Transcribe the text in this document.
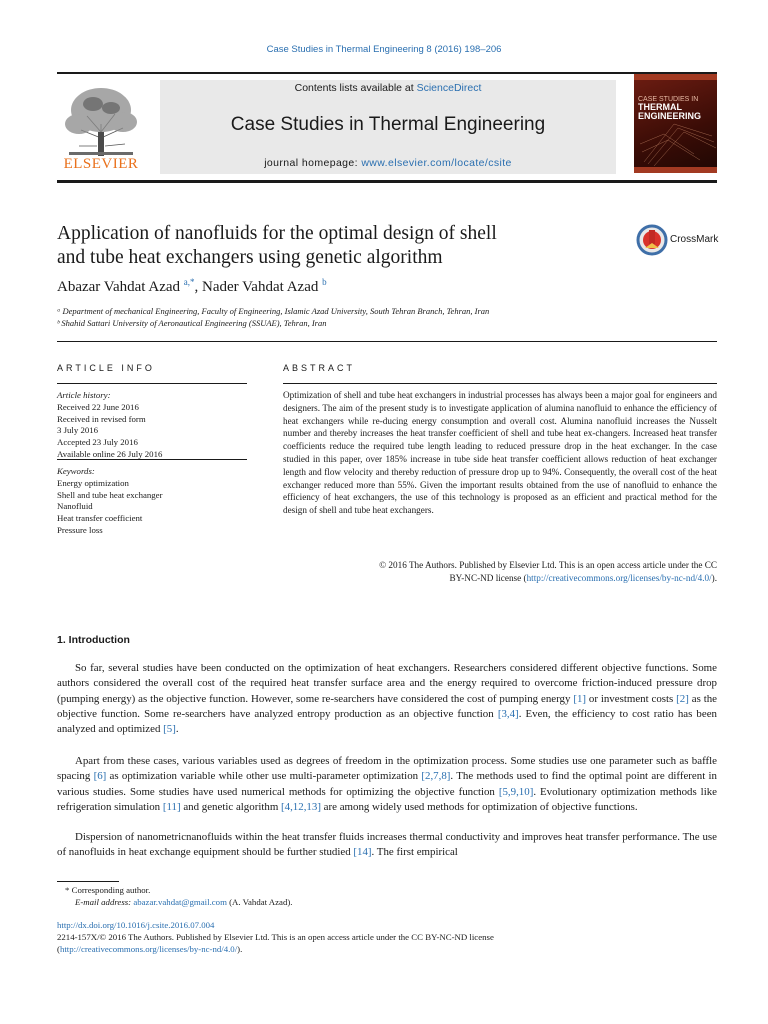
Case Studies in Thermal Engineering 8 (2016) 198–206
ELSEVIER
Contents lists available at ScienceDirect
Case Studies in Thermal Engineering
journal homepage: www.elsevier.com/locate/csite
CASE STUDIES IN
THERMAL
ENGINEERING
Application of nanofluids for the optimal design of shell
and tube heat exchangers using genetic algorithm
CrossMark
Abazar Vahdat Azad $^{a,*}$, Nader Vahdat Azad $^b$
ᵃ Department of mechanical Engineering, Faculty of Engineering, Islamic Azad University, South Tehran Branch, Tehran, Iran
ᵇ Shahid Sattari University of Aeronautical Engineering (SSUAE), Tehran, Iran
ARTICLE INFO
Article history:
Received 22 June 2016
Received in revised form
3 July 2016
Accepted 23 July 2016
Available online 26 July 2016
Keywords:
Energy optimization
Shell and tube heat exchanger
Nanofluid
Heat transfer coefficient
Pressure loss
ABSTRACT
Optimization of shell and tube heat exchangers in industrial processes has always been a major goal for engineers and designers. The aim of the present study is to investigate application of alumina nanofluid to enhance the efficiency of heat exchangers while re-ducing energy consumption and overall cost. Alumina nanofluid increases the Nusselt number and thereby increases the heat transfer coefficient of shell and tube heat ex-changers. Increased heat transfer coefficients reduce the required tube length leading to reduced pressure drop in the heat exchanger. In the case studied in this paper, over 185% increase in tube side heat transfer coefficient allows reduction of heat exchanger length and flow velocity and thereby reduction of pressure drop up to 94%. Consequently, the overall cost of the heat exchanger reduced more than 55%. Given the important results obtained from the use of nanofluid to enhance the efficiency of heat exchangers, the use of this technology is proposed as an efficient and practical method for the design of shell and tube heat exchangers.
© 2016 The Authors. Published by Elsevier Ltd. This is an open access article under the CC
BY-NC-ND license (http://creativecommons.org/licenses/by-nc-nd/4.0/).
1. Introduction
So far, several studies have been conducted on the optimization of heat exchangers. Researchers considered different objective functions. Some authors considered the overall cost of the required heat transfer surface area and the energy required to overcome friction-induced pressure drop (pumping energy) as the objective function. However, some re-searchers have considered the cost of pumping energy [1] or investment costs [2] as the objective function. Some re-searchers have analyzed entropy production as an objective function [3,4]. Even, the efficiency to cost ratio has been analyzed and optimized [5].
Apart from these cases, various variables used as degrees of freedom in the optimization process. Some studies use one parameter such as baffle spacing [6] as optimization variable while other use multi-parameter optimization [2,7,8]. The methods used to find the optimal point are different in various studies. Some studies have used numerical methods for optimizing the objective function [5,9,10]. Evolutionary optimization methods like refrigeration simulation [11] and genetic algorithm [4,12,13] are among widely used methods for optimization of objective functions.
Dispersion of nanometricnanofluids within the heat transfer fluids increases thermal conductivity and improves heat transfer performance. The use of nanofluids in heat exchange equipment should be further studied [14]. The first empirical
* Corresponding author.
E-mail address: abazar.vahdat@gmail.com (A. Vahdat Azad).
http://dx.doi.org/10.1016/j.csite.2016.07.004
2214-157X/© 2016 The Authors. Published by Elsevier Ltd. This is an open access article under the CC BY-NC-ND license
(http://creativecommons.org/licenses/by-nc-nd/4.0/).
